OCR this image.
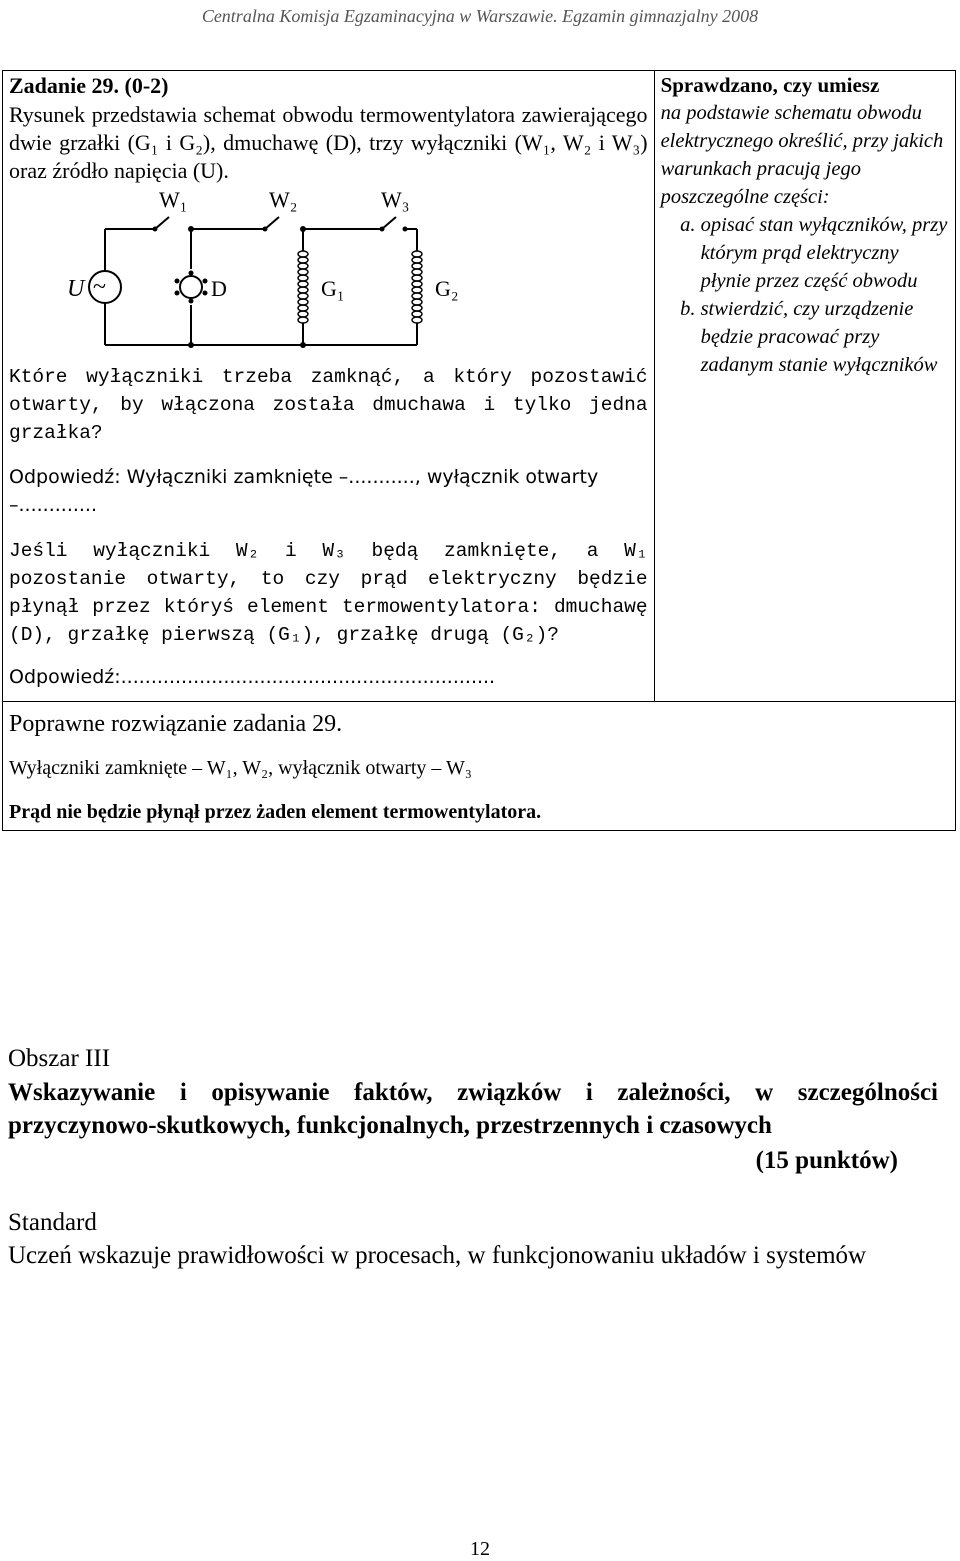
Centralna Komisja Egzaminacyjna w Warszawie. Egzamin gimnazjalny 2008
Zadanie 29. (0-2)
Rysunek przedstawia schemat obwodu termowentylatora zawierającego dwie grzałki (G₁ i G₂), dmuchawę (D), trzy wyłączniki (W₁, W₂ i W₃) oraz źródło napięcia (U).
W₁	W₂	W₃
U ~	D	G₁	G₂
Które wyłączniki trzeba zamknąć, a który pozostawić otwarty, by włączona została dmuchawa i tylko jedna grzałka?
Odpowiedź: Wyłączniki zamknięte –..........., wyłącznik otwarty –.............
Jeśli wyłączniki W₂ i W₃ będą zamknięte, a W₁ pozostanie otwarty, to czy prąd elektryczny będzie płynął przez któryś element termowentylatora: dmuchawę (D), grzałkę pierwszą (G₁), grzałkę drugą (G₂)?
Odpowiedź:..............................................................

Sprawdzano, czy umiesz
na podstawie schematu obwodu elektrycznego określić, przy jakich warunkach pracują jego poszczególne części:
a. opisać stan wyłączników, przy którym prąd elektryczny płynie przez część obwodu
b. stwierdzić, czy urządzenie będzie pracować przy zadanym stanie wyłączników

Poprawne rozwiązanie zadania 29.
Wyłączniki zamknięte – W₁, W₂, wyłącznik otwarty – W₃
Prąd nie będzie płynął przez żaden element termowentylatora.
Obszar III
Wskazywanie i opisywanie faktów, związków i zależności, w szczególności przyczynowo-skutkowych, funkcjonalnych, przestrzennych i czasowych
(15 punktów)
Standard
Uczeń wskazuje prawidłowości w procesach, w funkcjonowaniu układów i systemów
12
